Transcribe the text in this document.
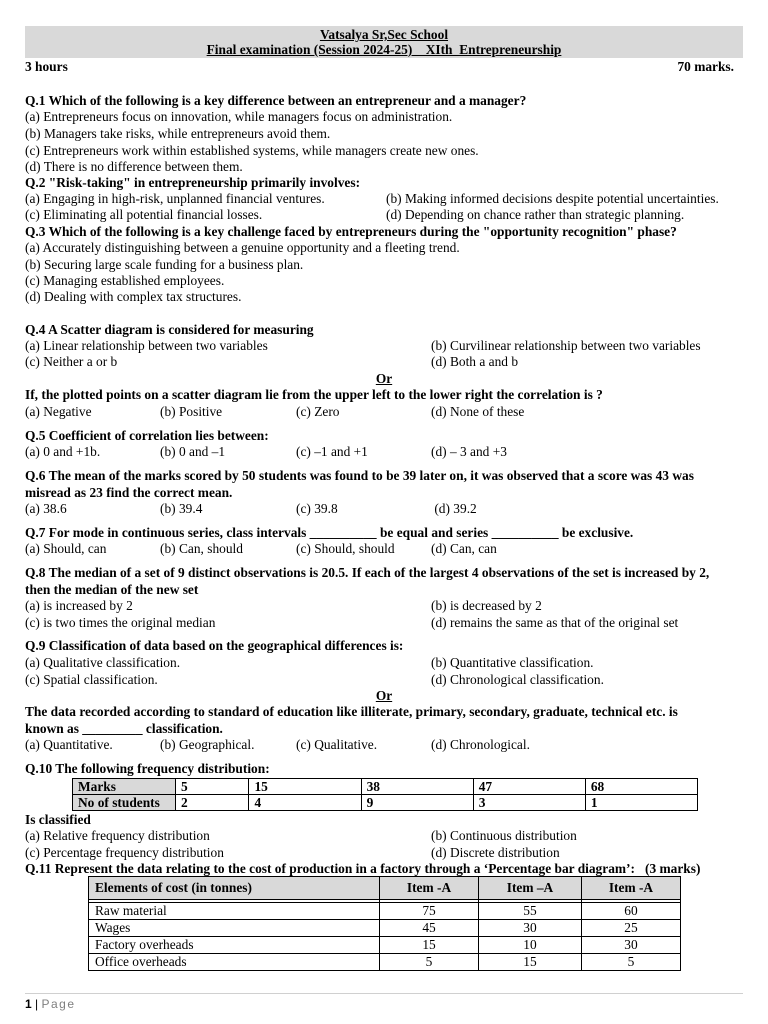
Vatsalya Sr,Sec School
Final examination (Session 2024-25)    XIth  Entrepreneurship
3 hours	70 marks.
Q.1 Which of the following is a key difference between an entrepreneur and a manager?
(a) Entrepreneurs focus on innovation, while managers focus on administration.
(b) Managers take risks, while entrepreneurs avoid them.
(c) Entrepreneurs work within established systems, while managers create new ones.
(d) There is no difference between them.
Q.2 "Risk-taking" in entrepreneurship primarily involves:
(a) Engaging in high-risk, unplanned financial ventures.	(b) Making informed decisions despite potential uncertainties.
(c) Eliminating all potential financial losses.	(d) Depending on chance rather than strategic planning.
Q.3 Which of the following is a key challenge faced by entrepreneurs during the "opportunity recognition" phase?
(a) Accurately distinguishing between a genuine opportunity and a fleeting trend.
(b) Securing large scale funding for a business plan.
(c) Managing established employees.
(d) Dealing with complex tax structures.
Q.4 A Scatter diagram is considered for measuring
(a) Linear relationship between two variables	(b) Curvilinear relationship between two variables
(c) Neither a or b	(d) Both a and b
Or
If, the plotted points on a scatter diagram lie from the upper left to the lower right the correlation is ?
(a) Negative	(b) Positive	(c) Zero	(d) None of these
Q.5 Coefficient of correlation lies between:
(a) 0 and +1b.	(b) 0 and –1	(c) –1 and +1	(d) – 3 and +3
Q.6 The mean of the marks scored by 50 students was found to be 39 later on, it was observed that a score was 43 was
misread as 23 find the correct mean.
(a) 38.6	(b) 39.4	(c) 39.8	(d) 39.2
Q.7 For mode in continuous series, class intervals __________ be equal and series __________ be exclusive.
(a) Should, can	(b) Can, should	(c) Should, should	(d) Can, can
Q.8 The median of a set of 9 distinct observations is 20.5. If each of the largest 4 observations of the set is increased by 2,
then the median of the new set
(a) is increased by 2	(b) is decreased by 2
(c) is two times the original median	(d) remains the same as that of the original set
Q.9 Classification of data based on the geographical differences is:
(a) Qualitative classification.	(b) Quantitative classification.
(c) Spatial classification.	(d) Chronological classification.
Or
The data recorded according to standard of education like illiterate, primary, secondary, graduate, technical etc. is
known as _________ classification.
(a) Quantitative.	(b) Geographical.	(c) Qualitative.	(d) Chronological.
Q.10 The following frequency distribution:
Marks	5	15	38	47	68
No of students	2	4	9	3	1
Is classified
(a) Relative frequency distribution	(b) Continuous distribution
(c) Percentage frequency distribution	(d) Discrete distribution
Q.11 Represent the data relating to the cost of production in a factory through a ‘Percentage bar diagram’:   (3 marks)
Elements of cost (in tonnes)	Item -A	Item –A	Item -A

Raw material	75	55	60
Wages	45	30	25
Factory overheads	15	10	30
Office overheads	5	15	5
1 | Page
